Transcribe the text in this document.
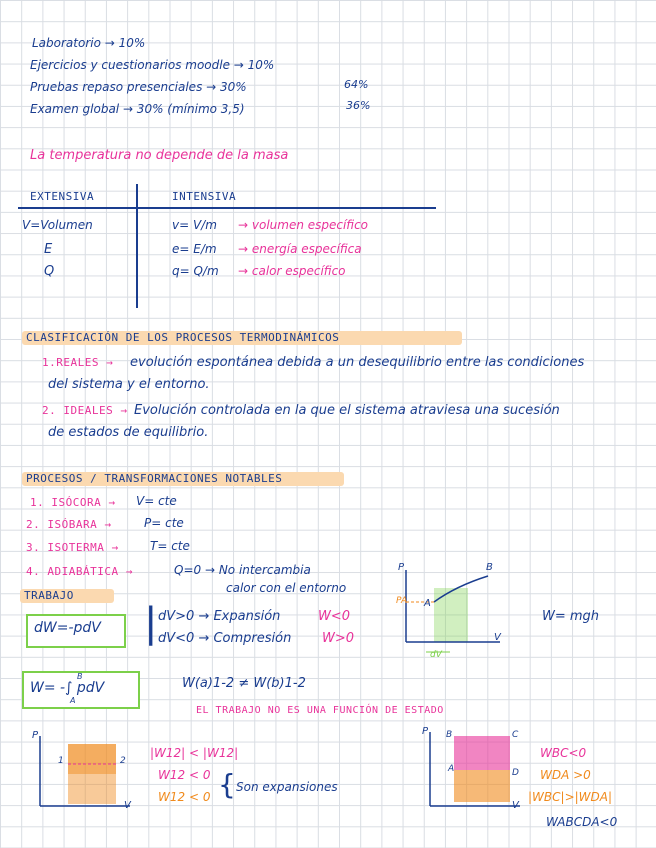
Laboratorio → 10%
Ejercicios y cuestionarios moodle → 10%
Pruebas repaso presenciales → 30%
Examen global → 30% (mínimo 3,5)
64%
36%
La temperatura no depende de la masa
EXTENSIVA	INTENSIVA
V=Volumen	v= V/m → volumen específico
E	e= E/m → energía específica
Q	q= Q/m → calor específico
CLASIFICACIÓN DE LOS PROCESOS TERMODINÁMICOS
1.REALES → evolución espontánea debida a un desequilibrio entre las condiciones
del sistema y el entorno.
2. IDEALES → Evolución controlada en la que el sistema atraviesa una sucesión
de estados de equilibrio.
PROCESOS / TRANSFORMACIONES NOTABLES
1. ISÓCORA → V= cte
2. ISÓBARA →	P= cte
3. ISOTERMA →	T= cte
4. ADIABÁTICA →	Q=0 → No intercambia
calor con el entorno
TRABAJO
dW=-pdV | dV>0 → Expansión	W<0
dV<0 → Compresión W>0
W= mgh
W= -∫ pdV
B
A
W(a)1-2 ≠ W(b)1-2
EL TRABAJO NO ES UNA FUNCIÓN DE ESTADO
P
V
B
A
PA
dV
P
V
1	2
|W12| < |W12|
W12 < 0
W12 < 0 { Son expansiones
P
V
B	C
A	D
WBC<0
WDA >0
|WBC|>|WDA|
WABCDA<0
